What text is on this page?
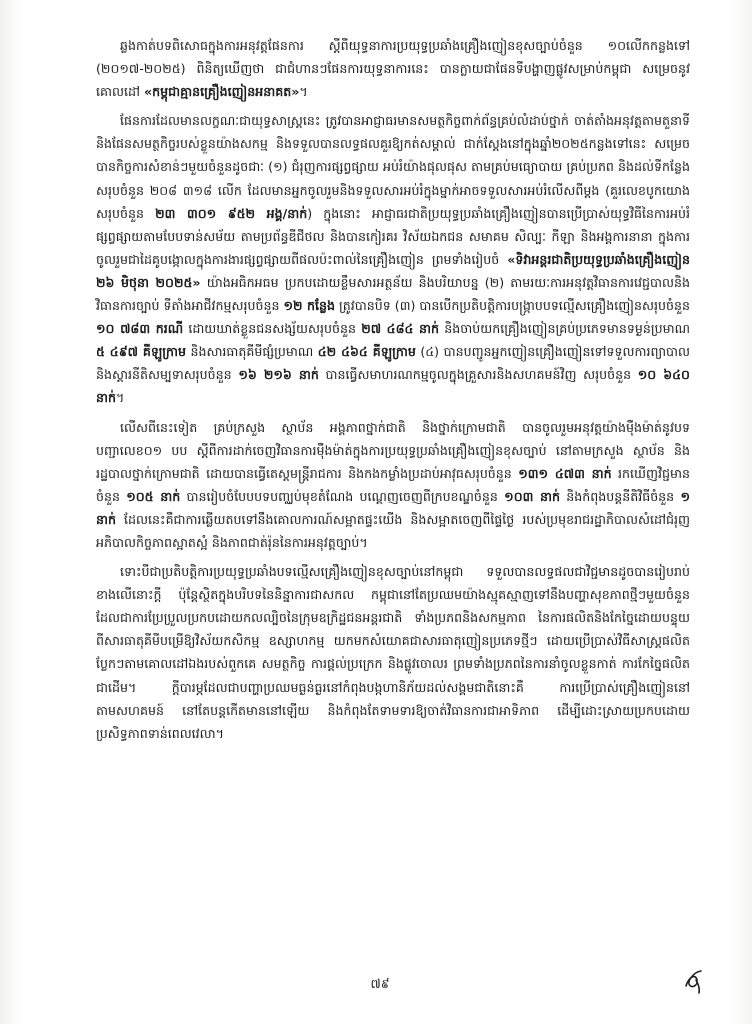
ឆ្លងកាត់បទពិសោធក្នុងការអនុវត្តផែនការ ស្ដីពីយុទ្ធនាការប្រយុទ្ធប្រឆាំងគ្រឿងញៀនខុសច្បាប់ចំនួន ១០លើកកន្លងទៅ (២០១៧-២០២៥) ពិនិត្យឃើញថា ជាជំហានៗផែនការយុទ្ធនាការនេះ បានក្លាយជាផែនទីបង្ហាញផ្លូវសម្រាប់កម្ពុជា សម្រេចនូវគោលដៅ «កម្ពុជាគ្មានគ្រឿងញៀនអនាគត»។

ផែនការដែលមានលក្ខណៈជាយុទ្ធសាស្ត្រនេះ ត្រូវបានអាជ្ញាធរមានសមត្ថកិច្ចពាក់ព័ន្ធគ្រប់លំដាប់ថ្នាក់ ចាត់តាំងអនុវត្តតាមតួនាទី និងផែនសមត្ថកិច្ចរបស់ខ្លួនយ៉ាងសកម្ម និងទទួលបានលទ្ធផលគួរឱ្យកត់សម្គាល់ ជាក់ស្ដែងនៅក្នុងឆ្នាំ២០២៥កន្លងទៅនេះ សម្រេចបានកិច្ចការសំខាន់ៗមួយចំនួនដូចជាៈ (១) ជំរុញការផ្សព្វផ្សាយ អប់រំយ៉ាងផុលផុស តាមគ្រប់មធ្យោបាយ គ្រប់ប្រភព និងដល់ទីកន្លែងសរុបចំនួន ២០៨ ៣១៨ លើក ដែលមានអ្នកចូលរួមនិងទទួលសារអប់រំក្នុងម្នាក់អាចទទួលសារអប់រំលើសពីម្ដង (គួរលេខបូកយោងសរុបចំនួន ២៣ ៣០១ ៩៥២ អង្គ/នាក់) ក្នុងនោះ អាជ្ញាធរជាតិប្រយុទ្ធប្រឆាំងគ្រឿងញៀនបានប្រើប្រាស់យុទ្ធវិធីនៃការអប់រំផ្សព្វផ្សាយតាមបែបទាន់សម័យ តាមប្រព័ន្ធឌីជីថល និងបានកៀរគរ វិស័យឯកជន សមាគម សិល្បៈ កីឡា និងអង្គការនានា ក្នុងការចូលរួមជាដៃគូបង្កោលក្នុងការងារផ្សព្វផ្សាយពីផលប៉ះពាល់នៃគ្រឿងញៀន ព្រមទាំងរៀបចំ «ទិវាអន្តរជាតិប្រយុទ្ធប្រឆាំងគ្រឿងញៀន ២៦ មិថុនា ២០២៥» យ៉ាងអធិកអធម ប្រកបដោយខ្លឹមសារអត្ថន័យ និងបរិយាបន្ន (២) តាមរយៈការអនុវត្តវិធានការវេជ្ជបាលនិងវិធានការច្បាប់ ទីតាំងអាជីវកម្មសរុបចំនួន ១២ កន្លែង ត្រូវបានបិទ (៣) បានបើកប្រតិបត្តិការបង្ក្រាបបទល្មើសគ្រឿងញៀនសរុបចំនួន ១០ ៧៨៣ ករណី ដោយឃាត់ខ្លួនជនសង្ស័យសរុបចំនួន ២៧ ៤៨៤ នាក់ និងចាប់យកគ្រឿងញៀនគ្រប់ប្រភេទមានទម្ងន់ប្រមាណ ៥ ៤៩៧ គីឡូក្រាម និងសារធាតុគីមីផ្សំប្រមាណ ៤២ ៤៦៤ គីឡូក្រាម (៤) បានបញ្ជូនអ្នកញៀនគ្រឿងញៀនទៅទទួលការព្យាបាល និងស្តារនីតិសម្បទាសរុបចំនួន ១៦ ២១៦ នាក់ បានធ្វើសមាហរណកម្មចូលក្នុងគ្រួសារនិងសហគមន៍វិញ សរុបចំនួន ១០ ៦៤០ នាក់។

លើសពីនេះទៀត គ្រប់ក្រសួង ស្ថាប័ន អង្គភាពថ្នាក់ជាតិ និងថ្នាក់ក្រោមជាតិ បានចូលរួមអនុវត្តយ៉ាងម៉ឺងម៉ាត់នូវបទបញ្ជាលេខ០១ បប ស្ដីពីការដាក់ចេញវិធានការម៉ឺងម៉ាត់ក្នុងការប្រយុទ្ធប្រឆាំងគ្រឿងញៀនខុសច្បាប់ នៅតាមក្រសួង ស្ថាប័ន និងរដ្ឋបាលថ្នាក់ក្រោមជាតិ ដោយបានធ្វើតេស្តមន្ត្រីរាជការ និងកងកម្លាំងប្រដាប់អាវុធសរុបចំនួន ១៣១ ៤៧៣ នាក់ រកឃើញវិជ្ជមានចំនួន ១០៥ នាក់ បានរៀបចំបែបបទបញ្ឈប់មុខតំណែង បណ្ដេញចេញពីក្របខណ្ឌចំនួន ១០៣ នាក់ និងកំពុងបន្តនីតិវិធីចំនួន ១ នាក់ ដែលនេះគឺជាការឆ្លើយតបទៅនឹងគោលការណ៍សម្អាតផ្ទះយើង និងសម្អាតចេញពីផ្ទៃថ្ងៃ របស់ប្រមុខរាជរដ្ឋាភិបាលសំដៅជំរុញអភិបាលកិច្ចភាពស្អាតស្អំ និងភាពជាត់រ៉ុននៃការអនុវត្តច្បាប់។

ទោះបីជាប្រតិបត្តិការប្រយុទ្ធប្រឆាំងបទល្មើសគ្រឿងញៀនខុសច្បាប់នៅកម្ពុជា ទទួលបានលទ្ធផលជាវិជ្ជមានដូចបានរៀបរាប់ខាងលើនោះក្ដី ប៉ុន្តែស្ថិតក្នុងបរិបទនៃនិន្នាការជាសកល កម្ពុជានៅតែប្រឈមយ៉ាងស្មុគស្មាញទៅនឹងបញ្ហាសុខភាពថ្មីៗមួយចំនួន ដែលជាការប្រែប្រួលប្រកបដោយកលល្បិចនៃក្រុមឧក្រិដ្ឋជនអន្តរជាតិ ទាំងប្រភពនិងសកម្មភាព នៃការផលិតនិងកែច្នៃដោយបន្ទុយពីសារធាតុគីមីបម្រើឱ្យវិស័យកសិកម្ម ឧស្សាហកម្ម យកមកសំយោគជាសារធាតុញៀនប្រភេទថ្មីៗ ដោយប្រើប្រាស់វិធីសាស្ត្រផលិតប្លែកៗតាមគោលដៅឯងរបស់ពួកគេ សមត្ថកិច្ច ការផ្ដល់ប្រក្រេក និងផ្លូវចោលរ ព្រមទាំងប្រភពនៃការនាំចូលខ្លួនកាត់ ការកែច្នៃផលិតជាដើម។ ក្ដីបារម្ភដែលជាបញ្ហាប្រឈមធ្ងន់ធ្ងរនៅកំពុងបង្ក​ហានិភ័យដល់សង្គមជាតិនោះគឺ ការប្រើប្រាស់គ្រឿងញៀននៅតាមសហគមន៍ នៅតែបន្តកើតមាននៅឡើយ និងកំពុងតែទាមទារឱ្យចាត់វិធានការជាអាទិភាព ដើម្បីដោះស្រាយប្រកបដោយប្រសិទ្ធភាពទាន់ពេលវេលា។

៧៩
